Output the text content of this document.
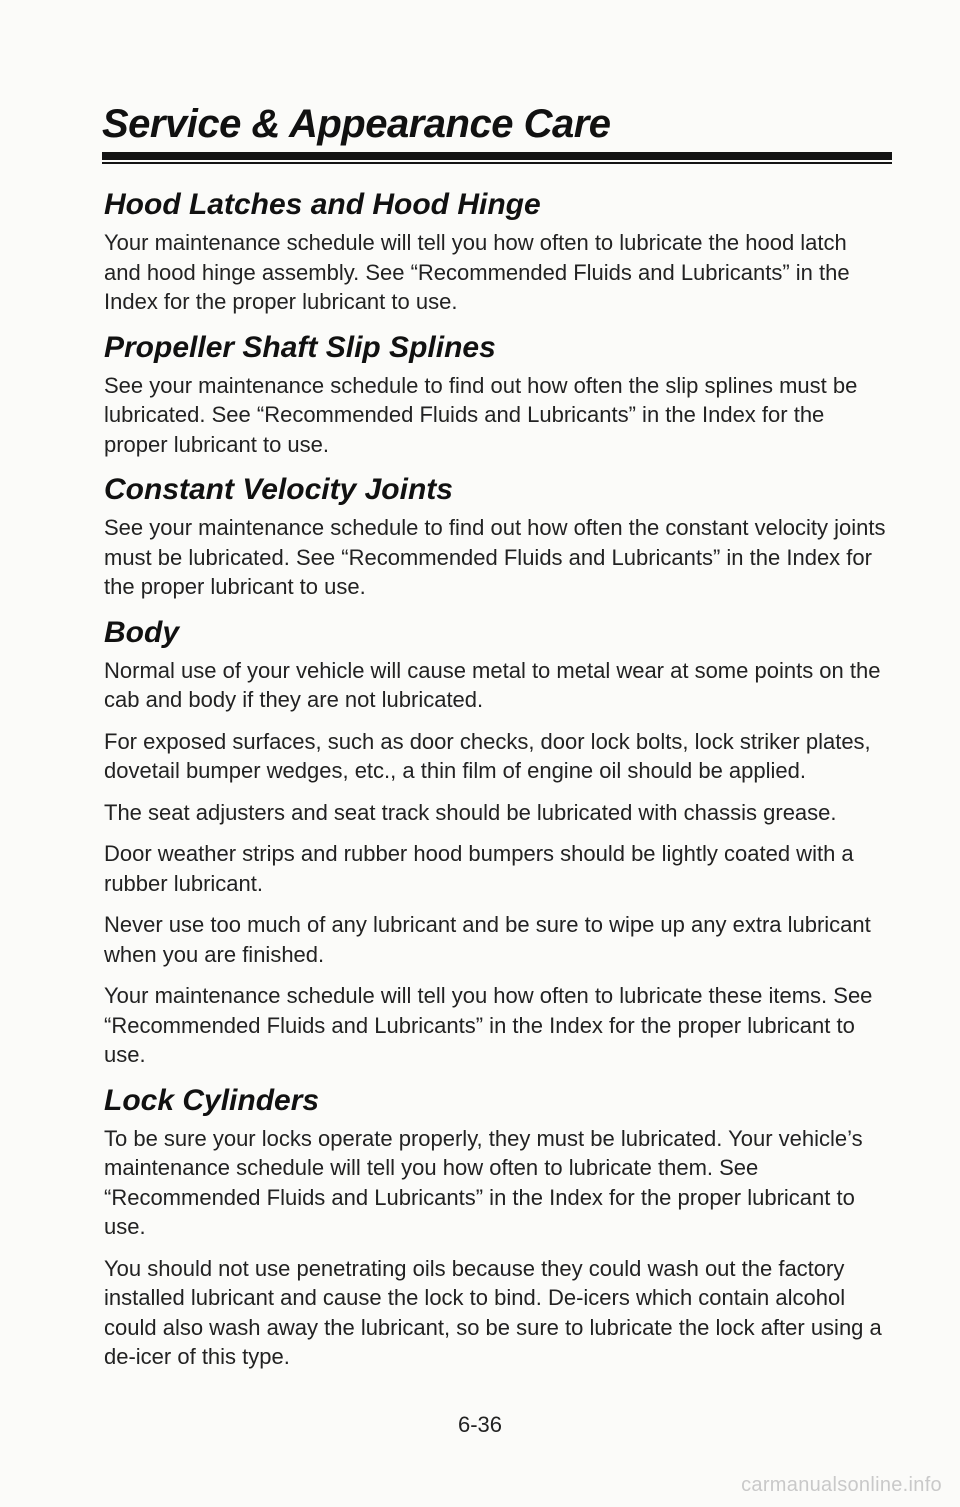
Service & Appearance Care
Hood Latches and Hood Hinge

Your maintenance schedule will tell you how often to lubricate the hood latch and hood hinge assembly. See “Recommended Fluids and Lubricants” in the Index for the proper lubricant to use.

Propeller Shaft Slip Splines

See your maintenance schedule to find out how often the slip splines must be lubricated. See “Recommended Fluids and Lubricants” in the Index for the proper lubricant to use.

Constant Velocity Joints

See your maintenance schedule to find out how often the constant velocity joints must be lubricated. See “Recommended Fluids and Lubricants” in the Index for the proper lubricant to use.

Body

Normal use of your vehicle will cause metal to metal wear at some points on the cab and body if they are not lubricated.

For exposed surfaces, such as door checks, door lock bolts, lock striker plates, dovetail bumper wedges, etc., a thin film of engine oil should be applied.

The seat adjusters and seat track should be lubricated with chassis grease.

Door weather strips and rubber hood bumpers should be lightly coated with a rubber lubricant.

Never use too much of any lubricant and be sure to wipe up any extra lubricant when you are finished.

Your maintenance schedule will tell you how often to lubricate these items. See “Recommended Fluids and Lubricants” in the Index for the proper lubricant to use.

Lock Cylinders

To be sure your locks operate properly, they must be lubricated. Your vehicle’s maintenance schedule will tell you how often to lubricate them. See “Recommended Fluids and Lubricants” in the Index for the proper lubricant to use.

You should not use penetrating oils because they could wash out the factory installed lubricant and cause the lock to bind. De-icers which contain alcohol could also wash away the lubricant, so be sure to lubricate the lock after using a de-icer of this type.

6-36
carmanualsonline.info
